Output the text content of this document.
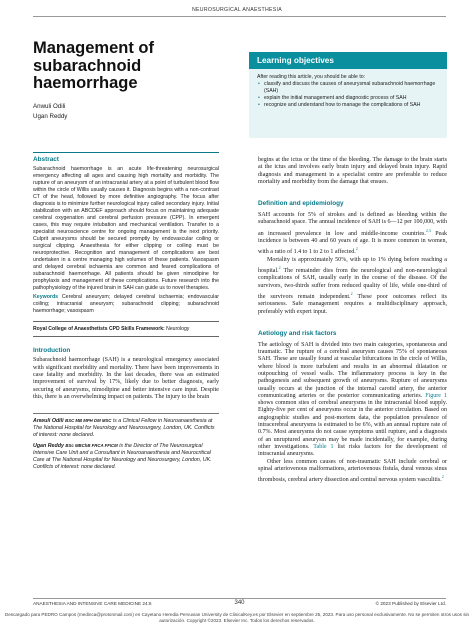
NEUROSURGICAL ANAESTHESIA
Management of subarachnoid haemorrhage
Anwuli Odili
Ugan Reddy
Abstract
Subarachnoid haemorrhage is an acute life-threatening neurosurgical emergency affecting all ages and causing high mortality and morbidity. The rupture of an aneurysm of an intracranial artery at a point of turbulent blood flow within the circle of Willis usually causes it. Diagnosis begins with a non-contrast CT of the head, followed by more definitive angiography. The focus after diagnosis is to minimize further neurological injury called secondary injury. Initial stabilization with an ABCDEF approach should focus on maintaining adequate cerebral oxygenation and cerebral perfusion pressure (CPP). In emergent cases, this may require intubation and mechanical ventilation. Transfer to a specialist neuroscience centre for ongoing management is the next priority. Culprit aneurysms should be secured promptly by endovascular coiling or surgical clipping. Anaesthesia for either clipping or coiling must be neuroprotective. Recognition and management of complications are best undertaken in a centre managing high volumes of these patients. Vasospasm and delayed cerebral ischaemia are common and feared complications of subarachnoid haemorrhage. All patients should be given nimodipine for prophylaxis and management of these complications. Future research into the pathophysiology of the injured brain in SAH can guide us to novel therapies.
Keywords Cerebral aneurysm; delayed cerebral ischaemia; endovascular coiling; intracranial aneurysm; subarachnoid clipping; subarachnoid haemorrhage; vasospasm
Royal College of Anaesthetists CPD Skills Framework: Neurology
Introduction

Subarachnoid haemorrhage (SAH) is a neurological emergency associated with significant morbidity and mortality. There have been improvements in case fatality and morbidity. In the last decades, there was an estimated improvement of survival by 17%, likely due to better diagnosis, early securing of aneurysms, nimodipine and better intensive care input. Despite this, there is an overwhelming impact on patients. The injury to the brain

Anwuli Odili BSC MB MPH DM MSC is a Clinical Fellow in Neuroanaesthesia at The National Hospital for Neurology and Neurosurgery, London, UK. Conflicts of interest: none declared.
Ugan Reddy BSc MBChB FRCA FFICM is the Director of The Neurosurgical Intensive Care Unit and a Consultant in Neuroanaesthesia and Neurocritical Care at The National Hospital for Neurology and Neurosurgery, London, UK. Conflicts of interest: none declared.
Learning objectives
After reading this article, you should be able to:
• classify and discuss the causes of aneurysmal subarachnoid haemorrhage (SAH)
• explain the initial management and diagnostic process of SAH
• recognize and understand how to manage the complications of SAH

begins at the ictus or the time of the bleeding. The damage to the brain starts at the ictus and involves early brain injury and delayed brain injury. Rapid diagnosis and management in a specialist centre are preferable to reduce mortality and morbidity from the damage that ensues.

Definition and epidemiology

SAH accounts for 5% of strokes and is defined as bleeding within the subarachnoid space. The annual incidence of SAH is 6—12 per 100,000, with an increased prevalence in low and middle-income countries.$^{2,3}$ Peak incidence is between 40 and 60 years of age. It is more common in women, with a ratio of 1.4 to 1 to 2 to 1 affected.$^2$

Mortality is approximately 50%, with up to 1% dying before reaching a hospital.$^2$ The remainder dies from the neurological and non-neurological complications of SAH, usually early in the course of the disease. Of the survivors, two-thirds suffer from reduced quality of life, while one-third of the survivors remain independent.$^2$ These poor outcomes reflect its seriousness. Safe management requires a multidisciplinary approach, preferably with expert input.

Aetiology and risk factors

The aetiology of SAH is divided into two main categories, spontaneous and traumatic. The rupture of a cerebral aneurysm causes 75% of spontaneous SAH. These are usually found at vascular bifurcations in the circle of Willis, where blood is more turbulent and results in an abnormal dilatation or outpouching of vessel walls. The inflammatory process is key in the pathogenesis and subsequent growth of aneurysms. Rupture of aneurysms usually occurs at the junction of the internal carotid artery, the anterior communicating arteries or the posterior communicating arteries. Figure 1 shows common sites of cerebral aneurysms in the intracranial blood supply. Eighty-five per cent of aneurysms occur in the anterior circulation. Based on angiographic studies and post-mortem data, the population prevalence of intracerebral aneurysms is estimated to be 6%, with an annual rupture rate of 0.7%. Most aneurysms do not cause symptoms until rupture, and a diagnosis of an unruptured aneurysm may be made incidentally, for example, during other investigations. Table 1 list risks factors for the development of intracranial aneurysms.

Other less common causes of non-traumatic SAH include cerebral or spinal arteriovenous malformations, arteriovenous fistula, dural venous sinus thrombosis, cerebral artery dissection and central nervous system vasculitis.$^2$

ANAESTHESIA AND INTENSIVE CARE MEDICINE 24:6	340	© 2023 Published by Elsevier Ltd.
Descargado para PEDRO Campos (medinca@protonmail.com) en Cayetano Heredia Pervuvian University de ClinicalKey.es por Elsevier en septiembre 25, 2023. Para uso personal exclusivamente. No se permiten otros usos sin autorización. Copyright ©2023. Elsevier Inc. Todos los derechos reservados.
